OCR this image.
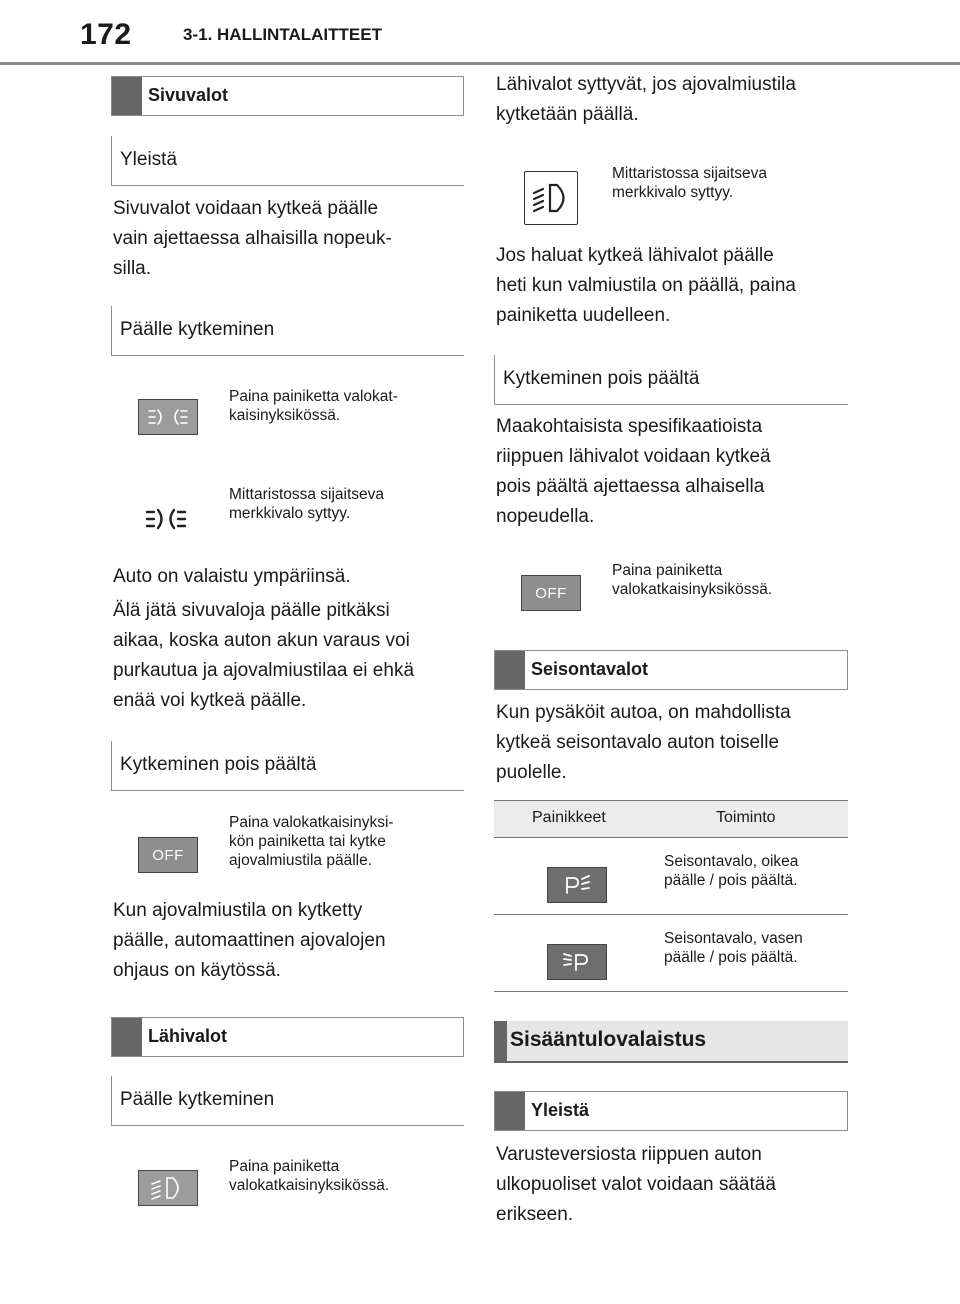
172	3-1. HALLINTALAITTEET
Sivuvalot
Yleistä
Sivuvalot voidaan kytkeä päälle
vain ajettaessa alhaisilla nopeuk-
silla.
Päälle kytkeminen
Paina painiketta valokat-
kaisinyksikössä.
Mittaristossa sijaitseva
merkkivalo syttyy.
Auto on valaistu ympäriinsä.
Älä jätä sivuvaloja päälle pitkäksi
aikaa, koska auton akun varaus voi
purkautua ja ajovalmiustilaa ei ehkä
enää voi kytkeä päälle.
Kytkeminen pois päältä
OFF
Paina valokatkaisinyksi-
kön painiketta tai kytke
ajovalmiustila päälle.
Kun ajovalmiustila on kytketty
päälle, automaattinen ajovalojen
ohjaus on käytössä.
Lähivalot
Päälle kytkeminen
Paina painiketta
valokatkaisinyksikössä.
Lähivalot syttyvät, jos ajovalmiustila
kytketään päällä.
Mittaristossa sijaitseva
merkkivalo syttyy.
Jos haluat kytkeä lähivalot päälle
heti kun valmiustila on päällä, paina
painiketta uudelleen.
Kytkeminen pois päältä
Maakohtaisista spesifikaatioista
riippuen lähivalot voidaan kytkeä
pois päältä ajettaessa alhaisella
nopeudella.
OFF
Paina painiketta
valokatkaisinyksikössä.
Seisontavalot
Kun pysäköit autoa, on mahdollista
kytkeä seisontavalo auton toiselle
puolelle.
Painikkeet	Toiminto
Seisontavalo, oikea
päälle / pois päältä.
Seisontavalo, vasen
päälle / pois päältä.
Sisääntulovalaistus
Yleistä
Varusteversiosta riippuen auton
ulkopuoliset valot voidaan säätää
erikseen.
